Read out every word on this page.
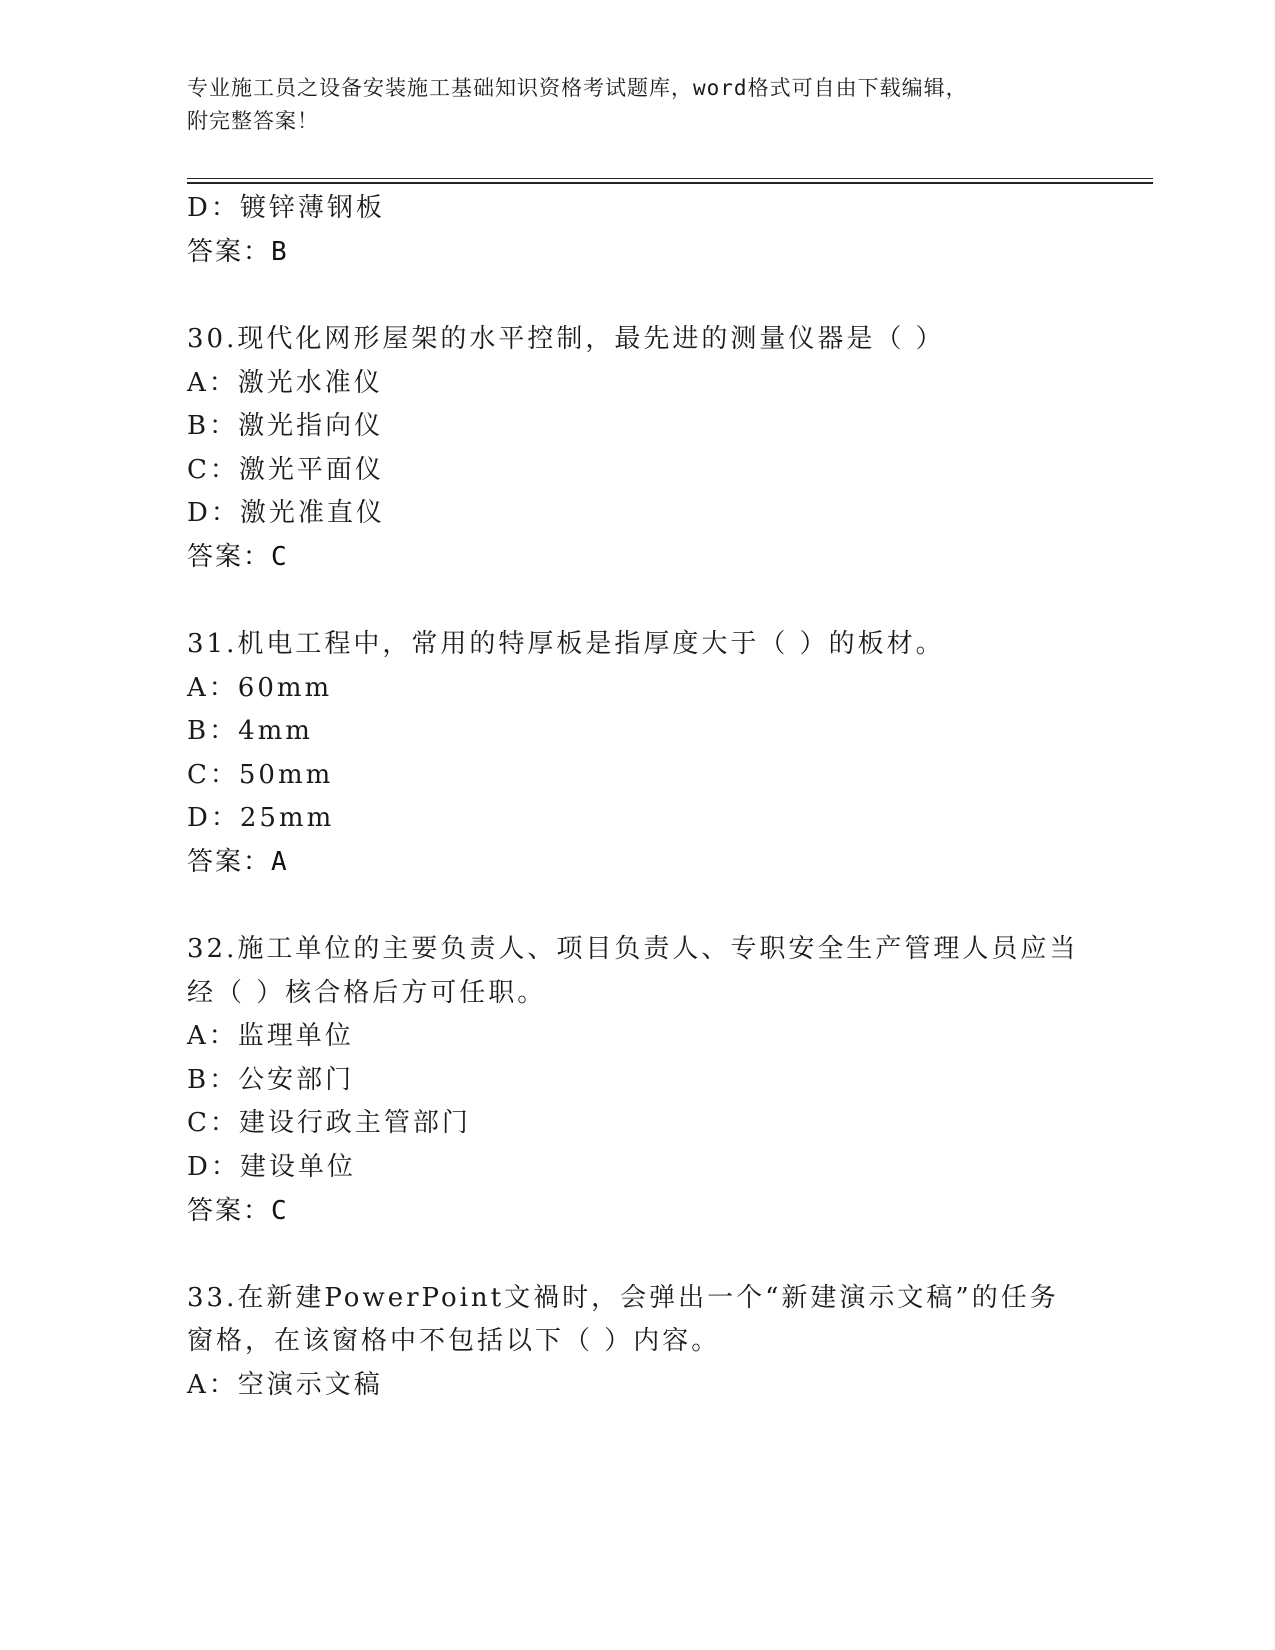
专业施工员之设备安装施工基础知识资格考试题库，word格式可自由下载编辑，
附完整答案！
D：镀锌薄钢板
答案：B
30.现代化网形屋架的水平控制，最先进的测量仪器是（ ）
A：激光水准仪
B：激光指向仪
C：激光平面仪
D：激光准直仪
答案：C
31.机电工程中，常用的特厚板是指厚度大于（ ）的板材。
A：60mm
B：4mm
C：50mm
D：25mm
答案：A
32.施工单位的主要负责人、项目负责人、专职安全生产管理人员应当
经（ ）核合格后方可任职。
A：监理单位
B：公安部门
C：建设行政主管部门
D：建设单位
答案：C
33.在新建PowerPoint文禍时，会弹出一个“新建演示文稿”的任务
窗格，在该窗格中不包括以下（ ）内容。
A：空演示文稿
